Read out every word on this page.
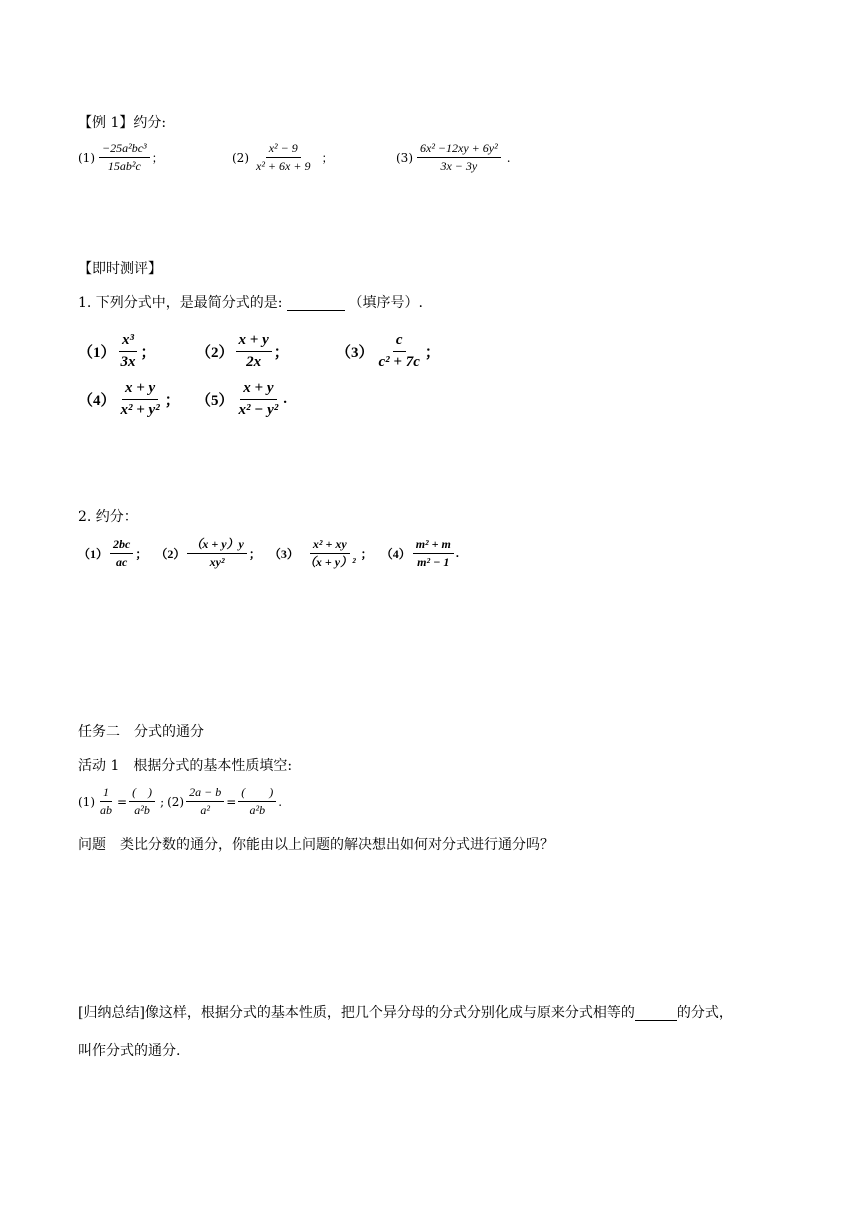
【例 1】约分:
$(1) \frac{\text{−25a²bc³}}{\text{15ab²c}}$ ；	$(2) \frac{\text{x² − 9}}{\text{x² + 6x + 9}}$ ；	$(3) \frac{\text{6x² −12xy + 6y²}}{3x - 3y}$ .
【即时测评】
1. 下列分式中，是最简分式的是:
	（填序号）.
$(1) \frac{\text{x³}}{3x}$ ；	$(2) \frac{x + y}{2x}$ ；	$(3) \frac{c}{\text{c² + 7c}}$ ；
$(4) \frac{x + y}{\text{x² + y²}}$ ； $(5) \frac{x + y}{\text{x² − y²}}$ .
2. 约分：
$(1) \frac{2bc}{ac}$ ； $(2) \frac{(x + y)y}{\text{xy²}}$ ； $(3) \frac{\text{x² + xy}}{\text{（x + y）²}}$ ； $(4) \frac{\text{m² + m}}{\text{m² − 1}}$ .
任务二　分式的通分
活动 1　根据分式的基本性质填空:
$(1) \frac{1}{ab} = \frac{( )}{\text{a²b}}$ ; $(2) \frac{2a - b}{\text{a²}} = \frac{( )}{\text{a²b}}$ .
问题　类比分数的通分，你能由以上问题的解决想出如何对分式进行通分吗？
[归纳总结]像这样，根据分式的基本性质，把几个异分母的分式分别化成与原来分式相等的
	的分式，
叫作分式的通分.
